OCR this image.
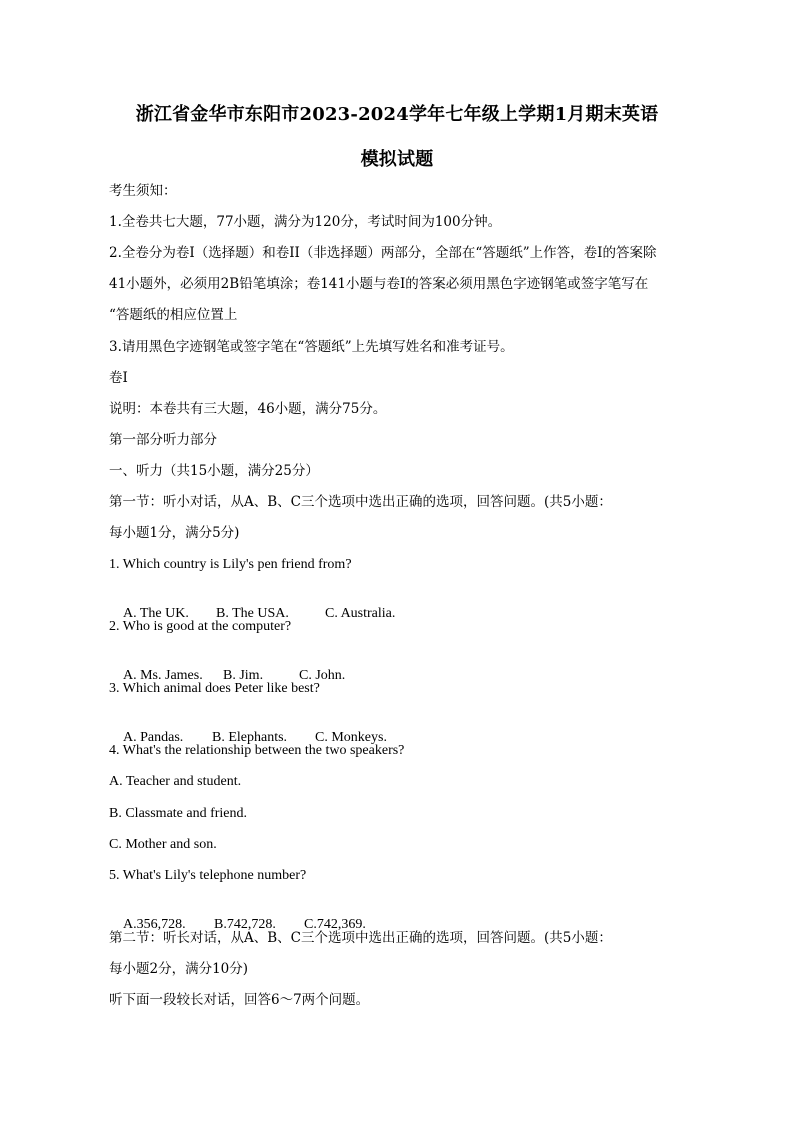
浙江省金华市东阳市2023-2024学年七年级上学期1月期末英语
模拟试题
考生须知：
1.全卷共七大题，77小题，满分为120分，考试时间为100分钟。
2.全卷分为卷I（选择题）和卷II（非选择题）两部分，全部在“答题纸”上作答，卷I的答案除
41小题外，必须用2B铅笔填涂；卷141小题与卷I的答案必须用黑色字迹钢笔或签字笔写在
“答题纸的相应位置上
3.请用黑色字迹钢笔或签字笔在“答题纸”上先填写姓名和准考证号。
卷I
说明：本卷共有三大题，46小题，满分75分。
第一部分听力部分
一、听力（共15小题，满分25分）
第一节：听小对话，从A、B、C三个选项中选出正确的选项，回答问题。(共5小题：
每小题1分，满分5分)
1. Which country is Lily's pen friend from?

A. The UK. B. The USA.	C. Australia.

2. Who is good at the computer?

A. Ms. James. B. Jim.	C. John.

3. Which animal does Peter like best?

A. Pandas. B. Elephants. C. Monkeys.

4. What's the relationship between the two speakers?
A. Teacher and student.
B. Classmate and friend.
C. Mother and son.
5. What's Lily's telephone number?

A.356,728. B.742,728. C.742,369.

第二节：听长对话，从A、B、C三个选项中选出正确的选项，回答问题。(共5小题：
每小题2分，满分10分)
听下面一段较长对话，回答6～7两个问题。
